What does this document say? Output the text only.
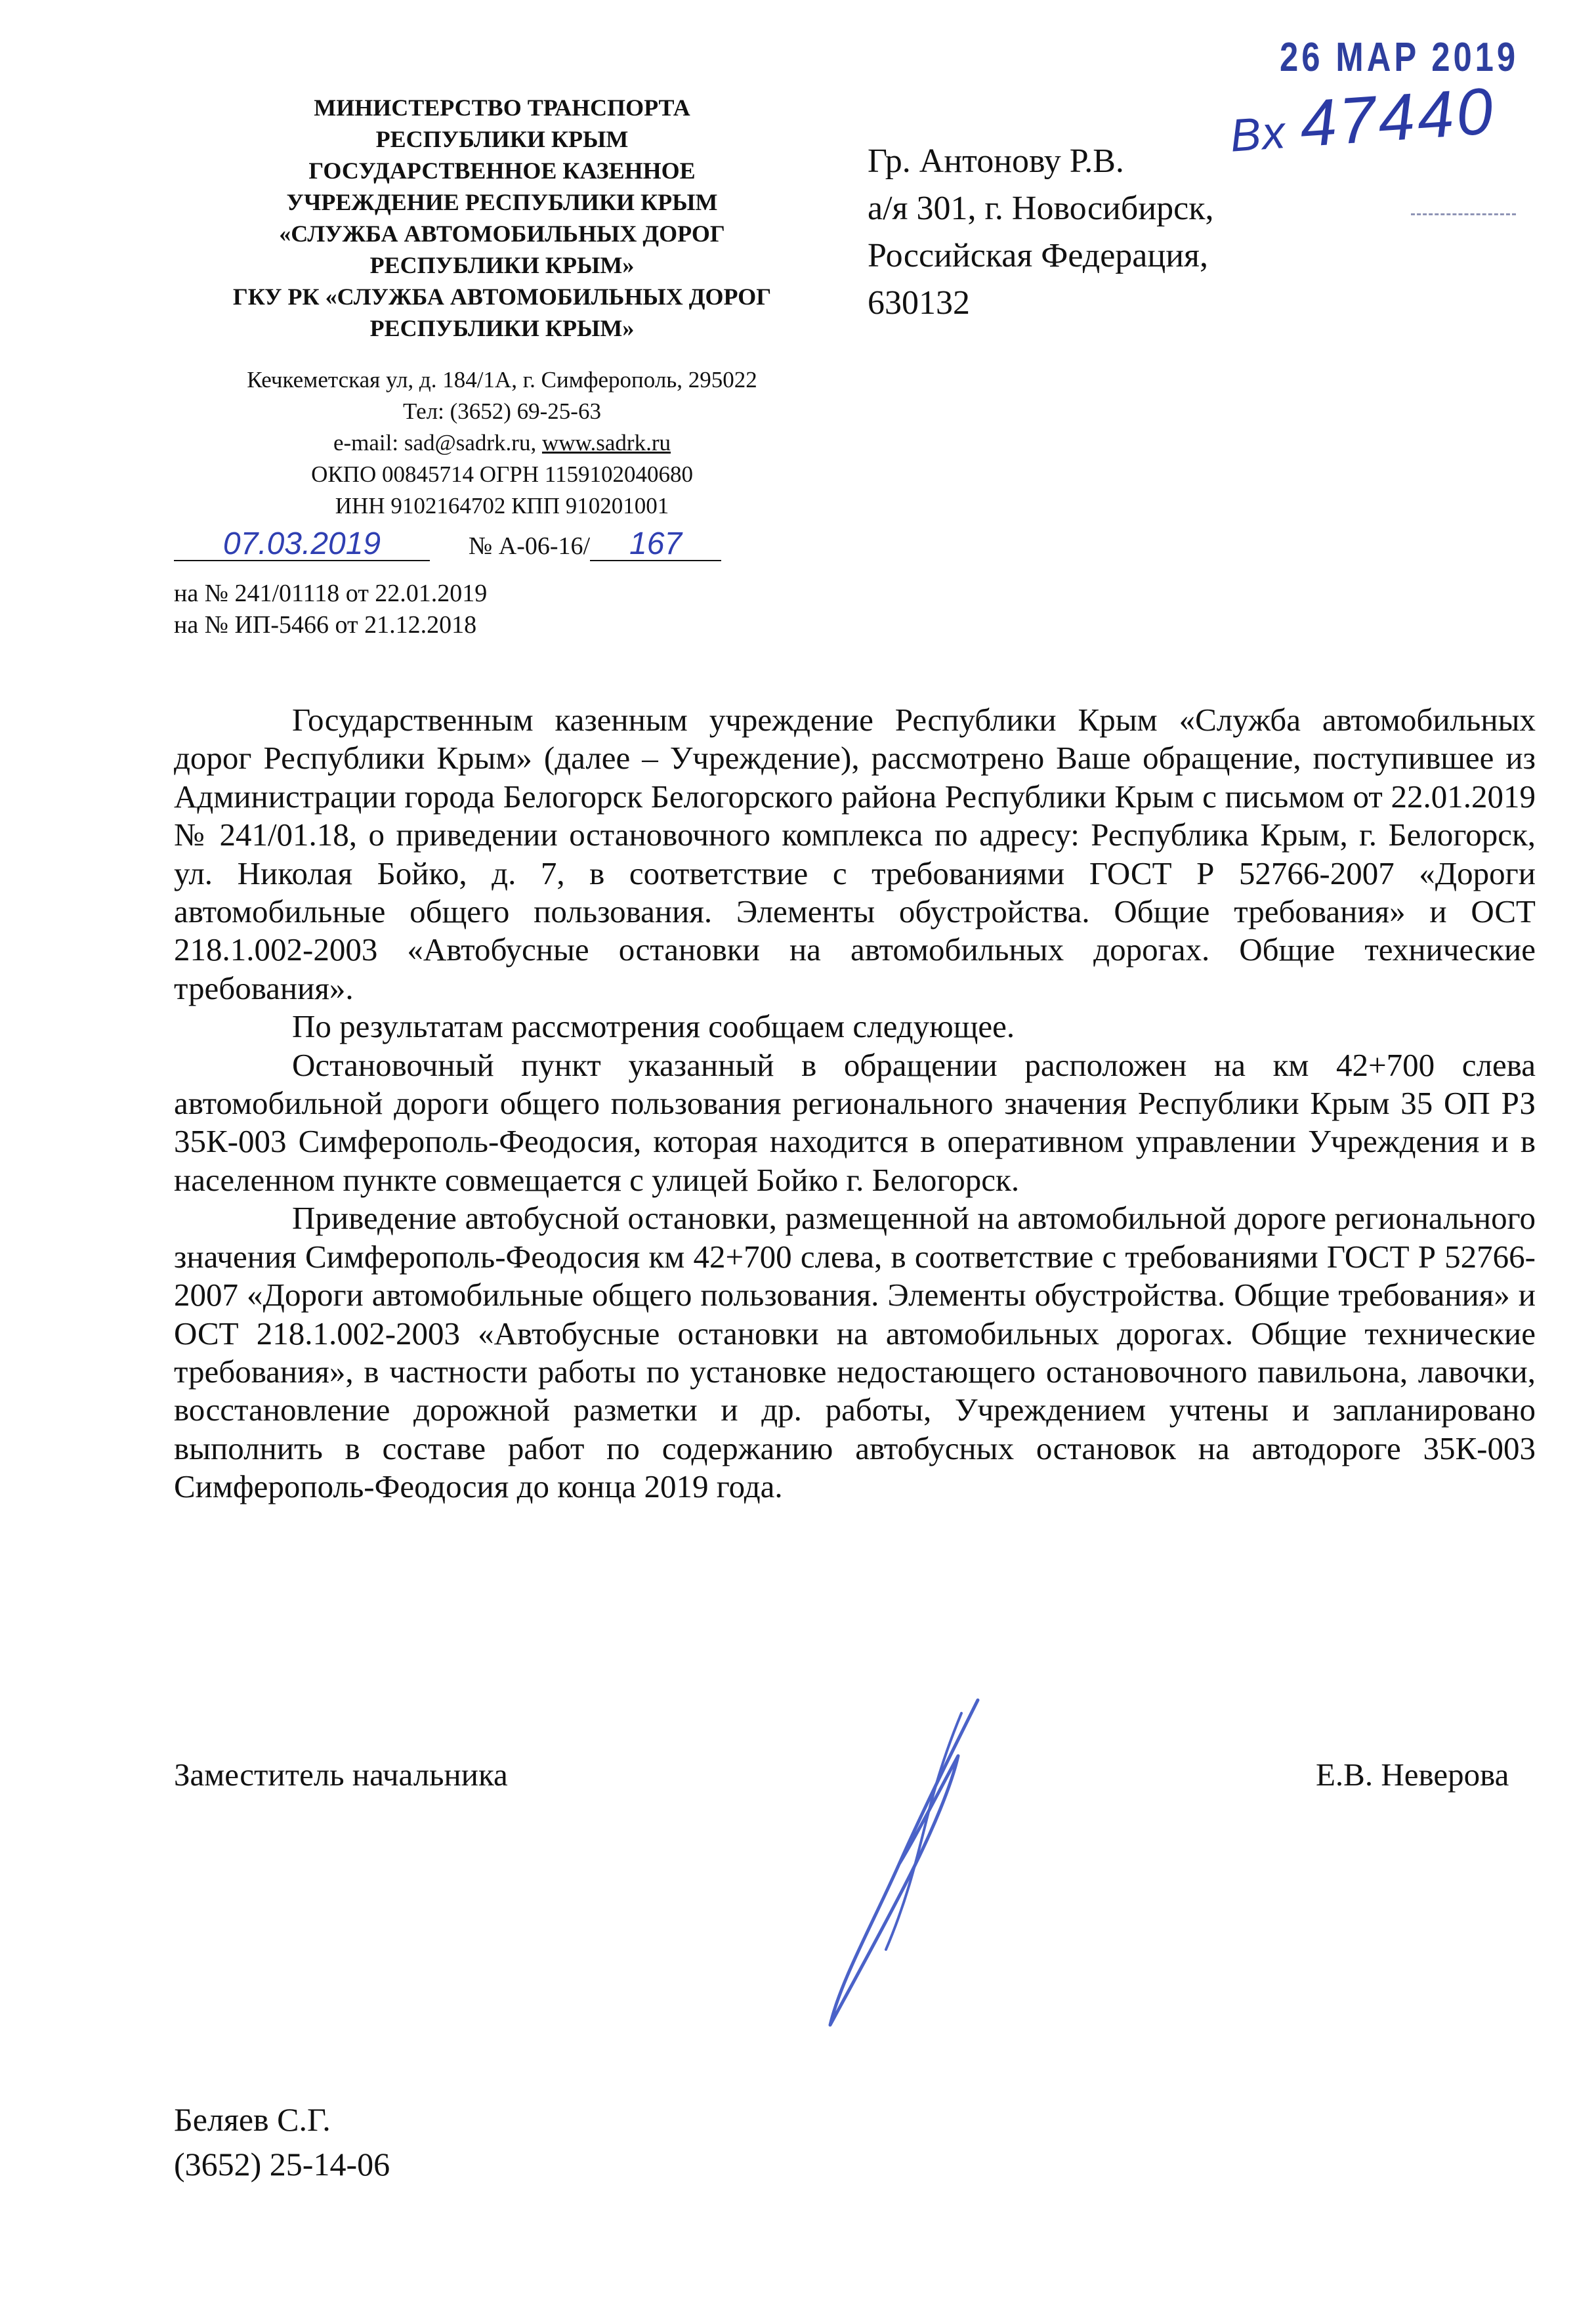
26 MAP 2019
Вх 47440
МИНИСТЕРСТВО ТРАНСПОРТА
РЕСПУБЛИКИ КРЫМ
ГОСУДАРСТВЕННОЕ КАЗЕННОЕ
УЧРЕЖДЕНИЕ РЕСПУБЛИКИ КРЫМ
«СЛУЖБА АВТОМОБИЛЬНЫХ ДОРОГ
РЕСПУБЛИКИ КРЫМ»
ГКУ РК «СЛУЖБА АВТОМОБИЛЬНЫХ ДОРОГ
РЕСПУБЛИКИ КРЫМ»
Кечкеметская ул, д. 184/1А, г. Симферополь, 295022
Тел: (3652) 69-25-63
e-mail: sad@sadrk.ru, www.sadrk.ru
ОКПО 00845714 ОГРН 1159102040680
ИНН 9102164702 КПП 910201001
Гр. Антонову Р.В.
а/я 301, г. Новосибирск,
Российская Федерация,
630132
07.03.2019	№ А-06-16/ 167
на № 241/01118 от 22.01.2019
на № ИП-5466 от 21.12.2018

Государственным казенным учреждение Республики Крым «Служба автомобильных дорог Республики Крым» (далее – Учреждение), рассмотрено Ваше обращение, поступившее из Администрации города Белогорск Белогорского района Республики Крым с письмом от 22.01.2019 № 241/01.18, о приведении остановочного комплекса по адресу: Республика Крым, г. Белогорск, ул. Николая Бойко, д. 7, в соответствие с требованиями ГОСТ Р 52766-2007 «Дороги автомобильные общего пользования. Элементы обустройства. Общие требования» и ОСТ 218.1.002-2003 «Автобусные остановки на автомобильных дорогах. Общие технические требования».

По результатам рассмотрения сообщаем следующее.

Остановочный пункт указанный в обращении расположен на км 42+700 слева автомобильной дороги общего пользования регионального значения Республики Крым 35 ОП РЗ 35К-003 Симферополь-Феодосия, которая находится в оперативном управлении Учреждения и в населенном пункте совмещается с улицей Бойко г. Белогорск.

Приведение автобусной остановки, размещенной на автомобильной дороге регионального значения Симферополь-Феодосия км 42+700 слева, в соответствие с требованиями ГОСТ Р 52766-2007 «Дороги автомобильные общего пользования. Элементы обустройства. Общие требования» и ОСТ 218.1.002-2003 «Автобусные остановки на автомобильных дорогах. Общие технические требования», в частности работы по установке недостающего остановочного павильона, лавочки, восстановление дорожной разметки и др. работы, Учреждением учтены и запланировано выполнить в составе работ по содержанию автобусных остановок на автодороге 35К-003 Симферополь-Феодосия до конца 2019 года.

Заместитель начальника	Е.В. Неверова
Беляев С.Г.
(3652) 25-14-06
